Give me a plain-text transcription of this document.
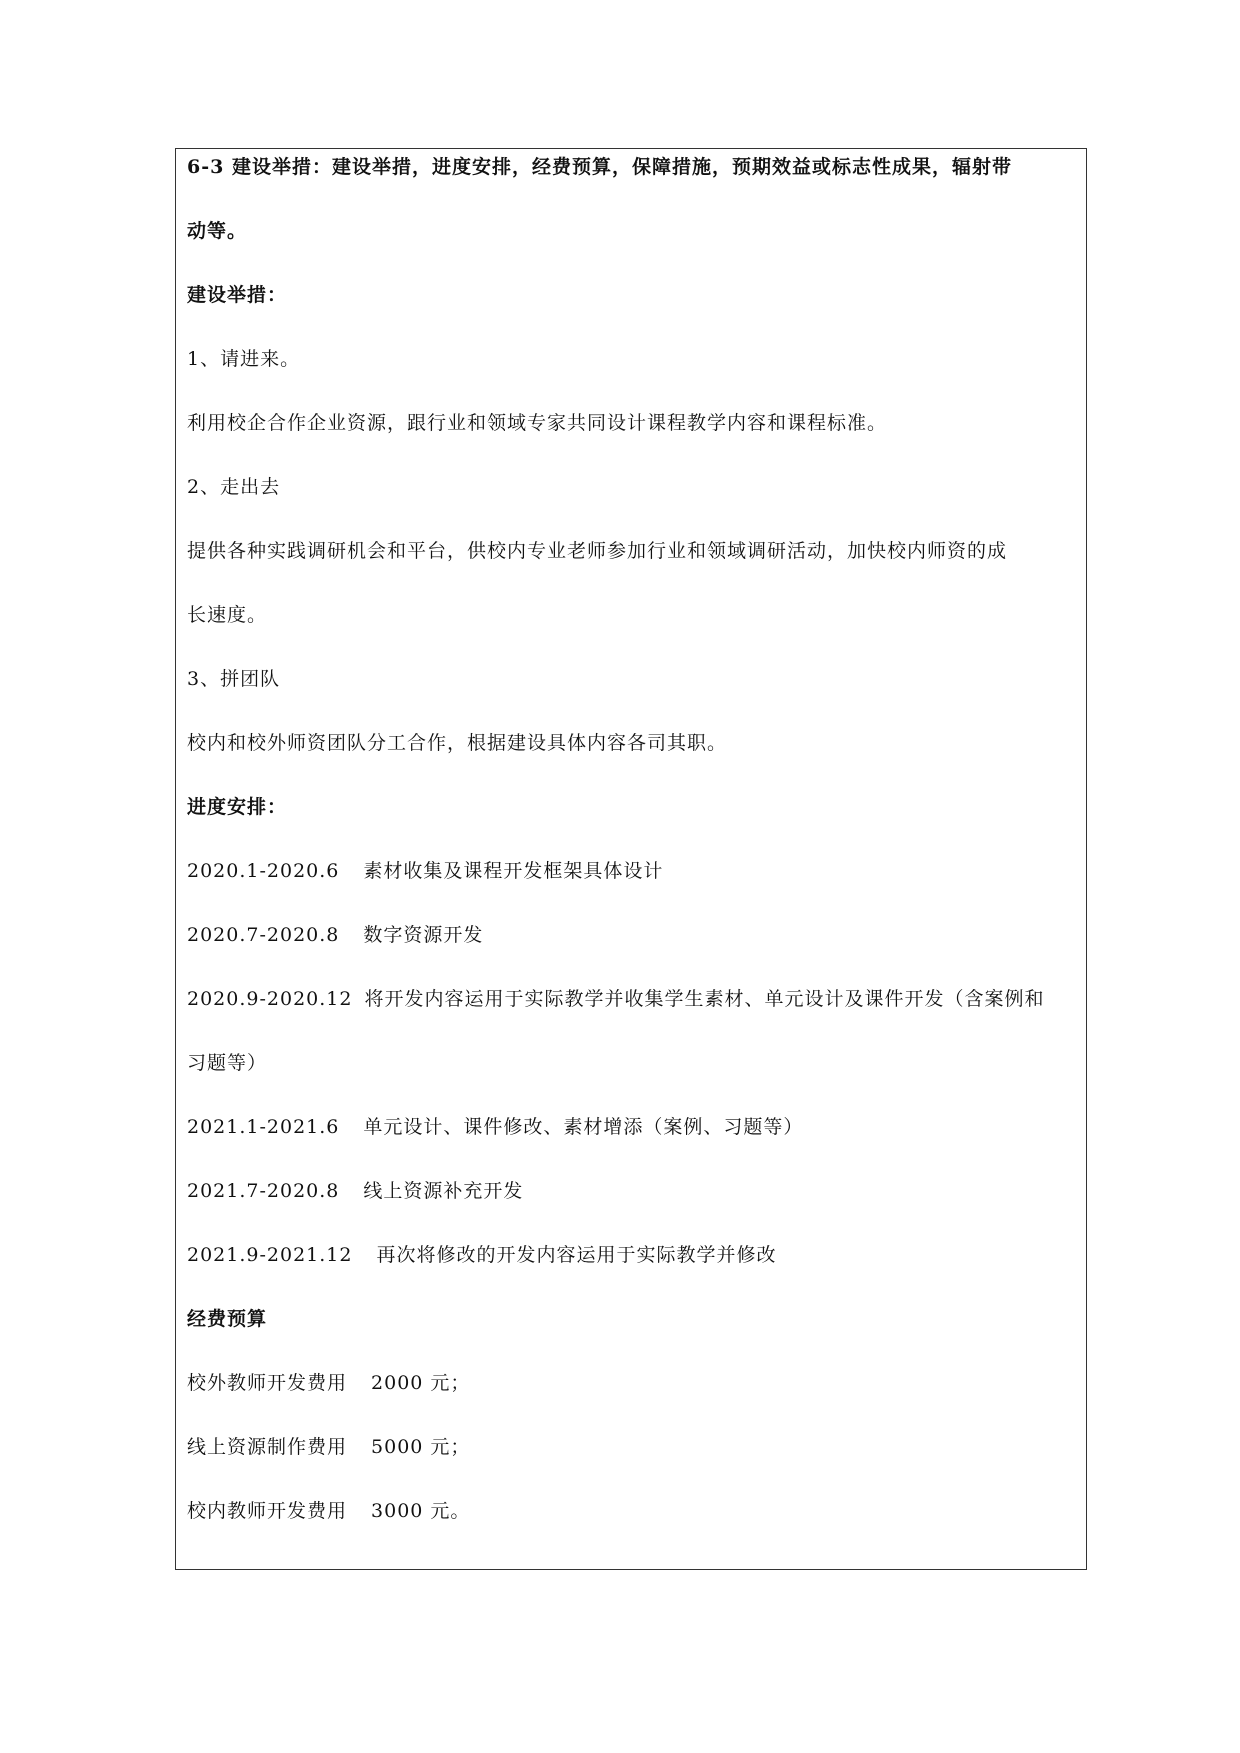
6-3 建设举措：建设举措，进度安排，经费预算，保障措施，预期效益或标志性成果，辐射带
动等。
建设举措：
1、请进来。
利用校企合作企业资源，跟行业和领域专家共同设计课程教学内容和课程标准。
2、走出去
提供各种实践调研机会和平台，供校内专业老师参加行业和领域调研活动，加快校内师资的成
长速度。
3、拼团队
校内和校外师资团队分工合作，根据建设具体内容各司其职。
进度安排：
2020.1-2020.6 素材收集及课程开发框架具体设计
2020.7-2020.8 数字资源开发
2020.9-2020.12 将开发内容运用于实际教学并收集学生素材、单元设计及课件开发（含案例和
习题等）
2021.1-2021.6 单元设计、课件修改、素材增添（案例、习题等）
2021.7-2020.8 线上资源补充开发
2021.9-2021.12 再次将修改的开发内容运用于实际教学并修改
经费预算
校外教师开发费用 2000 元；
线上资源制作费用 5000 元；
校内教师开发费用 3000 元。
